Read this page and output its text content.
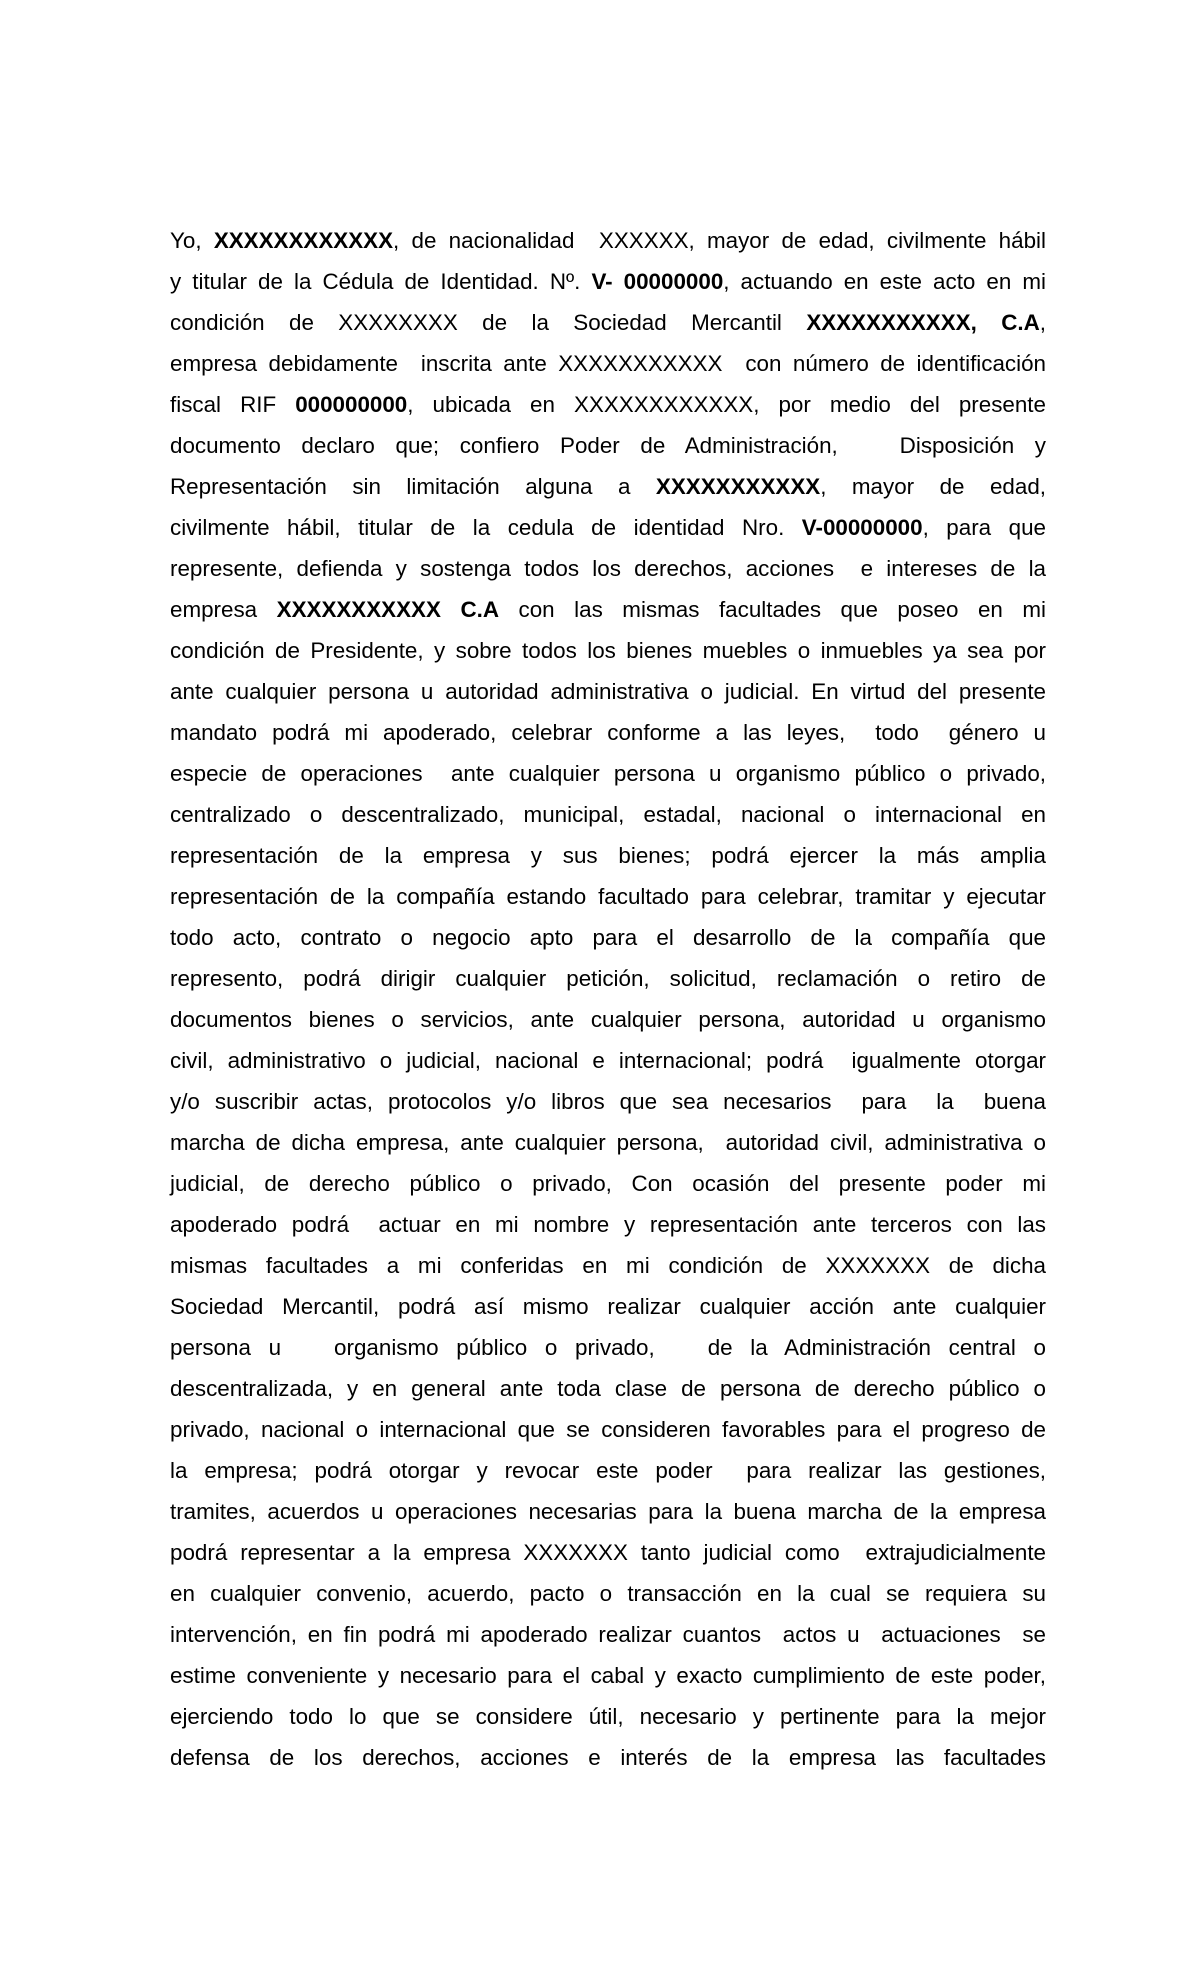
Yo, XXXXXXXXXXXX, de nacionalidad  XXXXXX, mayor de edad, civilmente hábil
y titular de la Cédula de Identidad. Nº. V- 00000000, actuando en este acto en mi
condición de XXXXXXXX de la Sociedad Mercantil XXXXXXXXXXX, C.A,
empresa debidamente  inscrita ante XXXXXXXXXXX  con número de identificación
fiscal RIF 000000000, ubicada en XXXXXXXXXXXX, por medio del presente
documento declaro que; confiero Poder de Administración,   Disposición y
Representación sin limitación alguna a XXXXXXXXXXX, mayor de edad,
civilmente hábil, titular de la cedula de identidad Nro. V-00000000, para que
represente, defienda y sostenga todos los derechos, acciones  e intereses de la
empresa XXXXXXXXXXX C.A con las mismas facultades que poseo en mi
condición de Presidente, y sobre todos los bienes muebles o inmuebles ya sea por
ante cualquier persona u autoridad administrativa o judicial. En virtud del presente
mandato podrá mi apoderado, celebrar conforme a las leyes,  todo  género u
especie de operaciones  ante cualquier persona u organismo público o privado,
centralizado o descentralizado, municipal, estadal, nacional o internacional en
representación de la empresa y sus bienes; podrá ejercer la más amplia
representación de la compañía estando facultado para celebrar, tramitar y ejecutar
todo acto, contrato o negocio apto para el desarrollo de la compañía que
represento, podrá dirigir cualquier petición, solicitud, reclamación o retiro de
documentos bienes o servicios, ante cualquier persona, autoridad u organismo
civil, administrativo o judicial, nacional e internacional; podrá  igualmente otorgar
y/o suscribir actas, protocolos y/o libros que sea necesarios  para  la  buena
marcha de dicha empresa, ante cualquier persona,  autoridad civil, administrativa o
judicial, de derecho público o privado, Con ocasión del presente poder mi
apoderado podrá  actuar en mi nombre y representación ante terceros con las
mismas facultades a mi conferidas en mi condición de XXXXXXX de dicha
Sociedad Mercantil, podrá así mismo realizar cualquier acción ante cualquier
persona u   organismo público o privado,   de la Administración central o
descentralizada, y en general ante toda clase de persona de derecho público o
privado, nacional o internacional que se consideren favorables para el progreso de
la empresa; podrá otorgar y revocar este poder  para realizar las gestiones,
tramites, acuerdos u operaciones necesarias para la buena marcha de la empresa
podrá representar a la empresa XXXXXXX tanto judicial como  extrajudicialmente
en cualquier convenio, acuerdo, pacto o transacción en la cual se requiera su
intervención, en fin podrá mi apoderado realizar cuantos  actos u  actuaciones  se
estime conveniente y necesario para el cabal y exacto cumplimiento de este poder,
ejerciendo todo lo que se considere útil, necesario y pertinente para la mejor
defensa de los derechos, acciones e interés de la empresa las facultades
